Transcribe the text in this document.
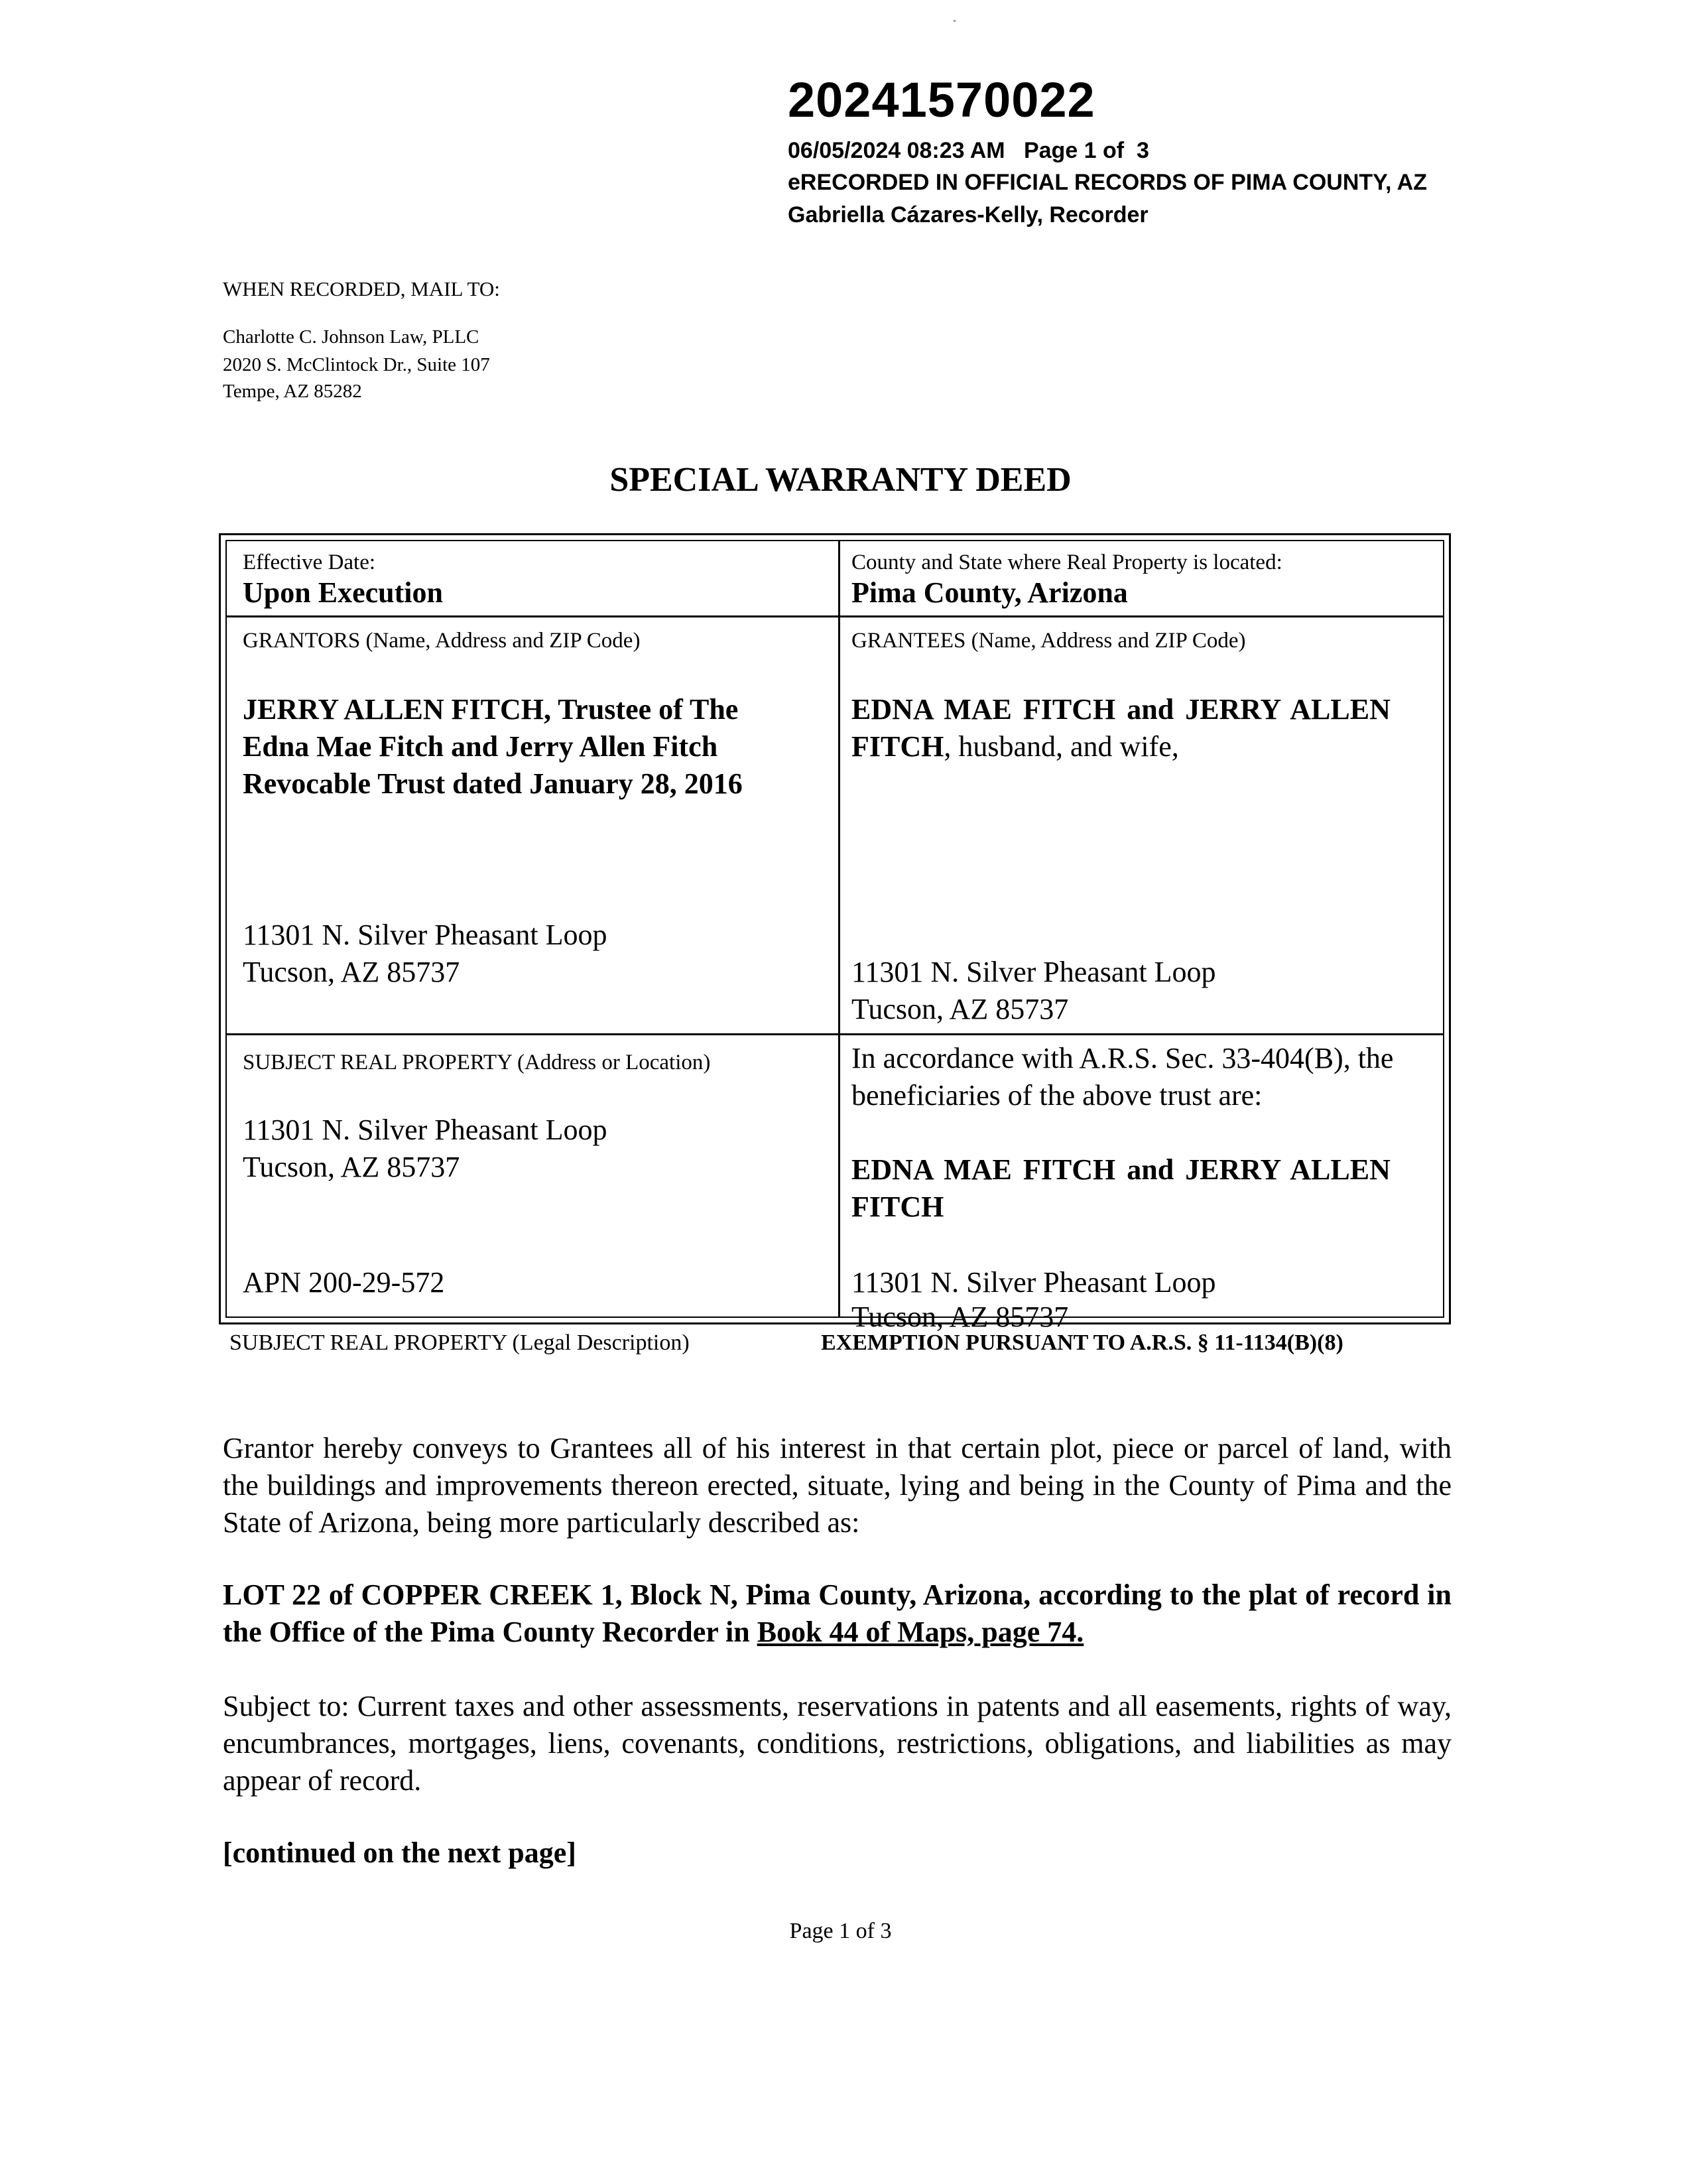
20241570022
06/05/2024 08:23 AM   Page 1 of  3
eRECORDED IN OFFICIAL RECORDS OF PIMA COUNTY, AZ
Gabriella Cázares-Kelly, Recorder
WHEN RECORDED, MAIL TO:
Charlotte C. Johnson Law, PLLC
2020 S. McClintock Dr., Suite 107
Tempe, AZ 85282
SPECIAL WARRANTY DEED
Effective Date:
Upon Execution
County and State where Real Property is located:
Pima County, Arizona
GRANTORS (Name, Address and ZIP Code)
JERRY ALLEN FITCH, Trustee of The
Edna Mae Fitch and Jerry Allen Fitch
Revocable Trust dated January 28, 2016
11301 N. Silver Pheasant Loop
Tucson, AZ 85737
GRANTEES (Name, Address and ZIP Code)
EDNA MAE FITCH and JERRY ALLEN
FITCH, husband, and wife,
11301 N. Silver Pheasant Loop
Tucson, AZ 85737
SUBJECT REAL PROPERTY (Address or Location)
11301 N. Silver Pheasant Loop
Tucson, AZ 85737
APN 200-29-572
In accordance with A.R.S. Sec. 33-404(B), the
beneficiaries of the above trust are:
EDNA MAE FITCH and JERRY ALLEN
FITCH
11301 N. Silver Pheasant Loop
Tucson, AZ 85737
SUBJECT REAL PROPERTY (Legal Description)	EXEMPTION PURSUANT TO A.R.S. § 11-1134(B)(8)
Grantor hereby conveys to Grantees all of his interest in that certain plot, piece or parcel of land, with the buildings and improvements thereon erected, situate, lying and being in the County of Pima and the State of Arizona, being more particularly described as:
LOT 22 of COPPER CREEK 1, Block N, Pima County, Arizona, according to the plat of record in the Office of the Pima County Recorder in Book 44 of Maps, page 74.
Subject to: Current taxes and other assessments, reservations in patents and all easements, rights of way, encumbrances, mortgages, liens, covenants, conditions, restrictions, obligations, and liabilities as may appear of record.
[continued on the next page]
Page 1 of 3
